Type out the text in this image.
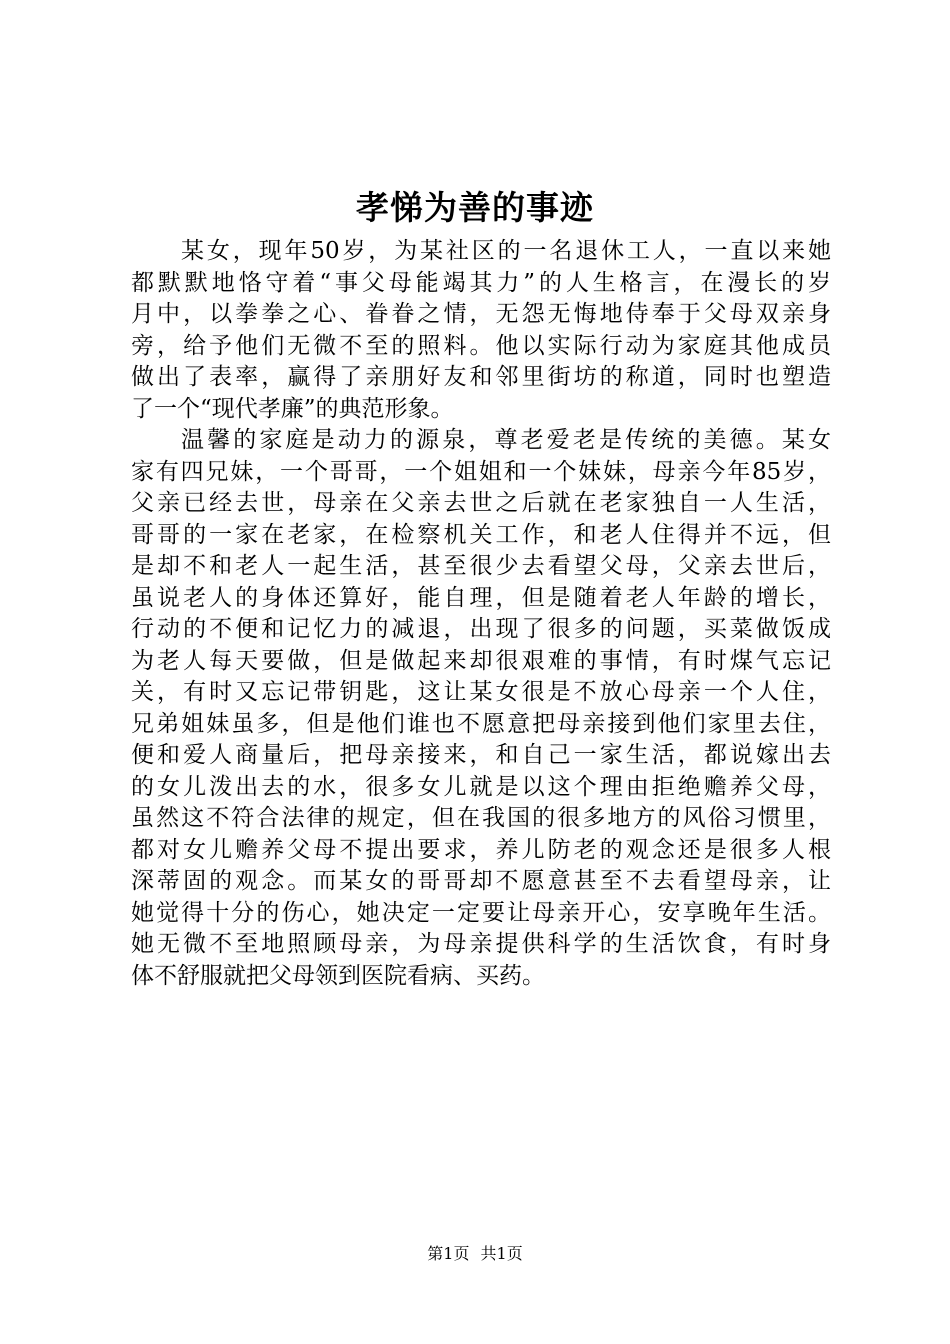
孝悌为善的事迹
某女，现年50岁，为某社区的一名退休工人，一直以来她
都默默地恪守着“事父母能竭其力”的人生格言，在漫长的岁
月中，以拳拳之心、眷眷之情，无怨无悔地侍奉于父母双亲身
旁，给予他们无微不至的照料。他以实际行动为家庭其他成员
做出了表率，赢得了亲朋好友和邻里街坊的称道，同时也塑造
了一个“现代孝廉”的典范形象。
温馨的家庭是动力的源泉，尊老爱老是传统的美德。某女
家有四兄妹，一个哥哥，一个姐姐和一个妹妹，母亲今年85岁，
父亲已经去世，母亲在父亲去世之后就在老家独自一人生活，
哥哥的一家在老家，在检察机关工作，和老人住得并不远，但
是却不和老人一起生活，甚至很少去看望父母，父亲去世后，
虽说老人的身体还算好，能自理，但是随着老人年龄的增长，
行动的不便和记忆力的减退，出现了很多的问题，买菜做饭成
为老人每天要做，但是做起来却很艰难的事情，有时煤气忘记
关，有时又忘记带钥匙，这让某女很是不放心母亲一个人住，
兄弟姐妹虽多，但是他们谁也不愿意把母亲接到他们家里去住，
便和爱人商量后，把母亲接来，和自己一家生活，都说嫁出去
的女儿泼出去的水，很多女儿就是以这个理由拒绝赡养父母，
虽然这不符合法律的规定，但在我国的很多地方的风俗习惯里，
都对女儿赡养父母不提出要求，养儿防老的观念还是很多人根
深蒂固的观念。而某女的哥哥却不愿意甚至不去看望母亲，让
她觉得十分的伤心，她决定一定要让母亲开心，安享晚年生活。
她无微不至地照顾母亲，为母亲提供科学的生活饮食，有时身
体不舒服就把父母领到医院看病、买药。
第1页 共1页
